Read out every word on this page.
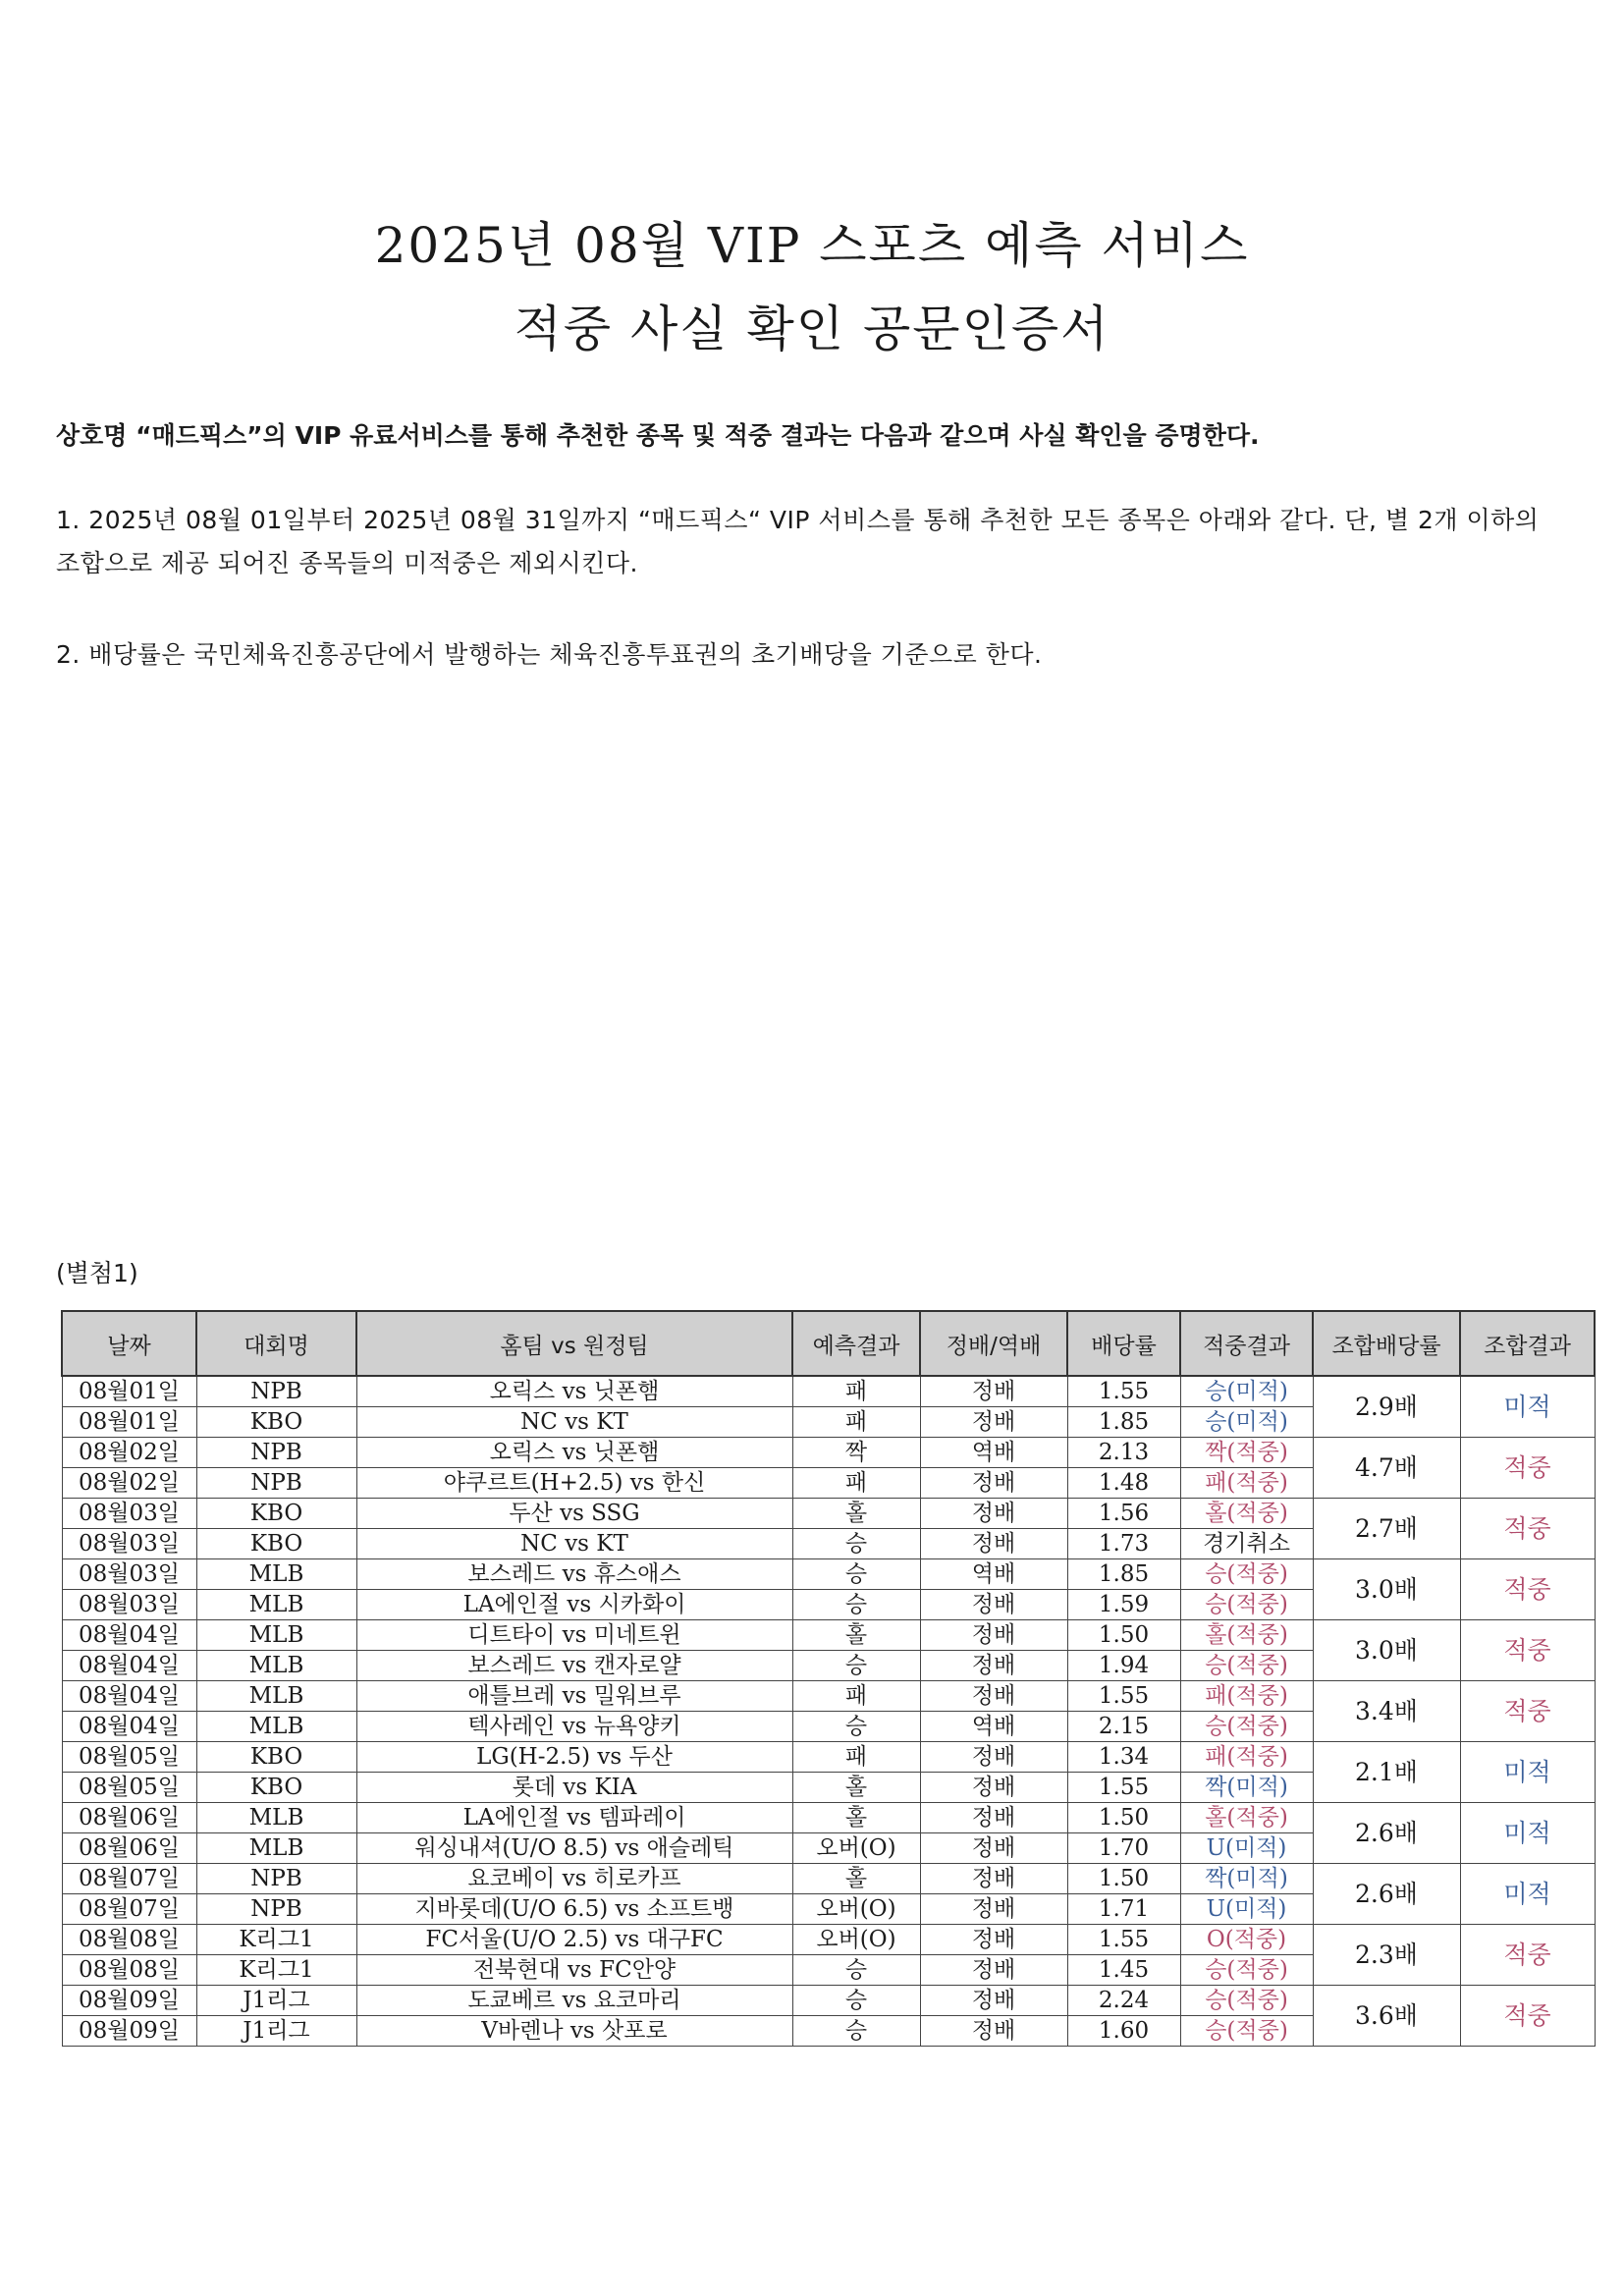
2025년 08월 VIP 스포츠 예측 서비스
적중 사실 확인 공문인증서
상호명 “매드픽스”의 VIP 유료서비스를 통해 추천한 종목 및 적중 결과는 다음과 같으며 사실 확인을 증명한다.
1. 2025년 08월 01일부터 2025년 08월 31일까지 “매드픽스“ VIP 서비스를 통해 추천한 모든 종목은 아래와 같다. 단, 별 2개 이하의 조합으로 제공 되어진 종목들의 미적중은 제외시킨다.
2. 배당률은 국민체육진흥공단에서 발행하는 체육진흥투표권의 초기배당을 기준으로 한다.
(별첨1)
날짜	대회명	홈팀 vs 원정팀	예측결과	정배/역배	배당률	적중결과	조합배당률	조합결과
08월01일	NPB	오릭스 vs 닛폰햄	패	정배	1.55	승(미적)	2.9배	미적
08월01일	KBO	NC vs KT	패	정배	1.85	승(미적)		
08월02일	NPB	오릭스 vs 닛폰햄	짝	역배	2.13	짝(적중)	4.7배	적중
08월02일	NPB	야쿠르트(H+2.5) vs 한신	패	정배	1.48	패(적중)		
08월03일	KBO	두산 vs SSG	홀	정배	1.56	홀(적중)	2.7배	적중
08월03일	KBO	NC vs KT	승	정배	1.73	경기취소		
08월03일	MLB	보스레드 vs 휴스애스	승	역배	1.85	승(적중)	3.0배	적중
08월03일	MLB	LA에인절 vs 시카화이	승	정배	1.59	승(적중)		
08월04일	MLB	디트타이 vs 미네트윈	홀	정배	1.50	홀(적중)	3.0배	적중
08월04일	MLB	보스레드 vs 캔자로얄	승	정배	1.94	승(적중)		
08월04일	MLB	애틀브레 vs 밀워브루	패	정배	1.55	패(적중)	3.4배	적중
08월04일	MLB	텍사레인 vs 뉴욕양키	승	역배	2.15	승(적중)		
08월05일	KBO	LG(H-2.5) vs 두산	패	정배	1.34	패(적중)	2.1배	미적
08월05일	KBO	롯데 vs KIA	홀	정배	1.55	짝(미적)		
08월06일	MLB	LA에인절 vs 템파레이	홀	정배	1.50	홀(적중)	2.6배	미적
08월06일	MLB	워싱내셔(U/O 8.5) vs 애슬레틱	오버(O)	정배	1.70	U(미적)		
08월07일	NPB	요코베이 vs 히로카프	홀	정배	1.50	짝(미적)	2.6배	미적
08월07일	NPB	지바롯데(U/O 6.5) vs 소프트뱅	오버(O)	정배	1.71	U(미적)		
08월08일	K리그1	FC서울(U/O 2.5) vs 대구FC	오버(O)	정배	1.55	O(적중)	2.3배	적중
08월08일	K리그1	전북현대 vs FC안양	승	정배	1.45	승(적중)		
08월09일	J1리그	도쿄베르 vs 요코마리	승	정배	2.24	승(적중)	3.6배	적중
08월09일	J1리그	V바렌나 vs 삿포로	승	정배	1.60	승(적중)		
